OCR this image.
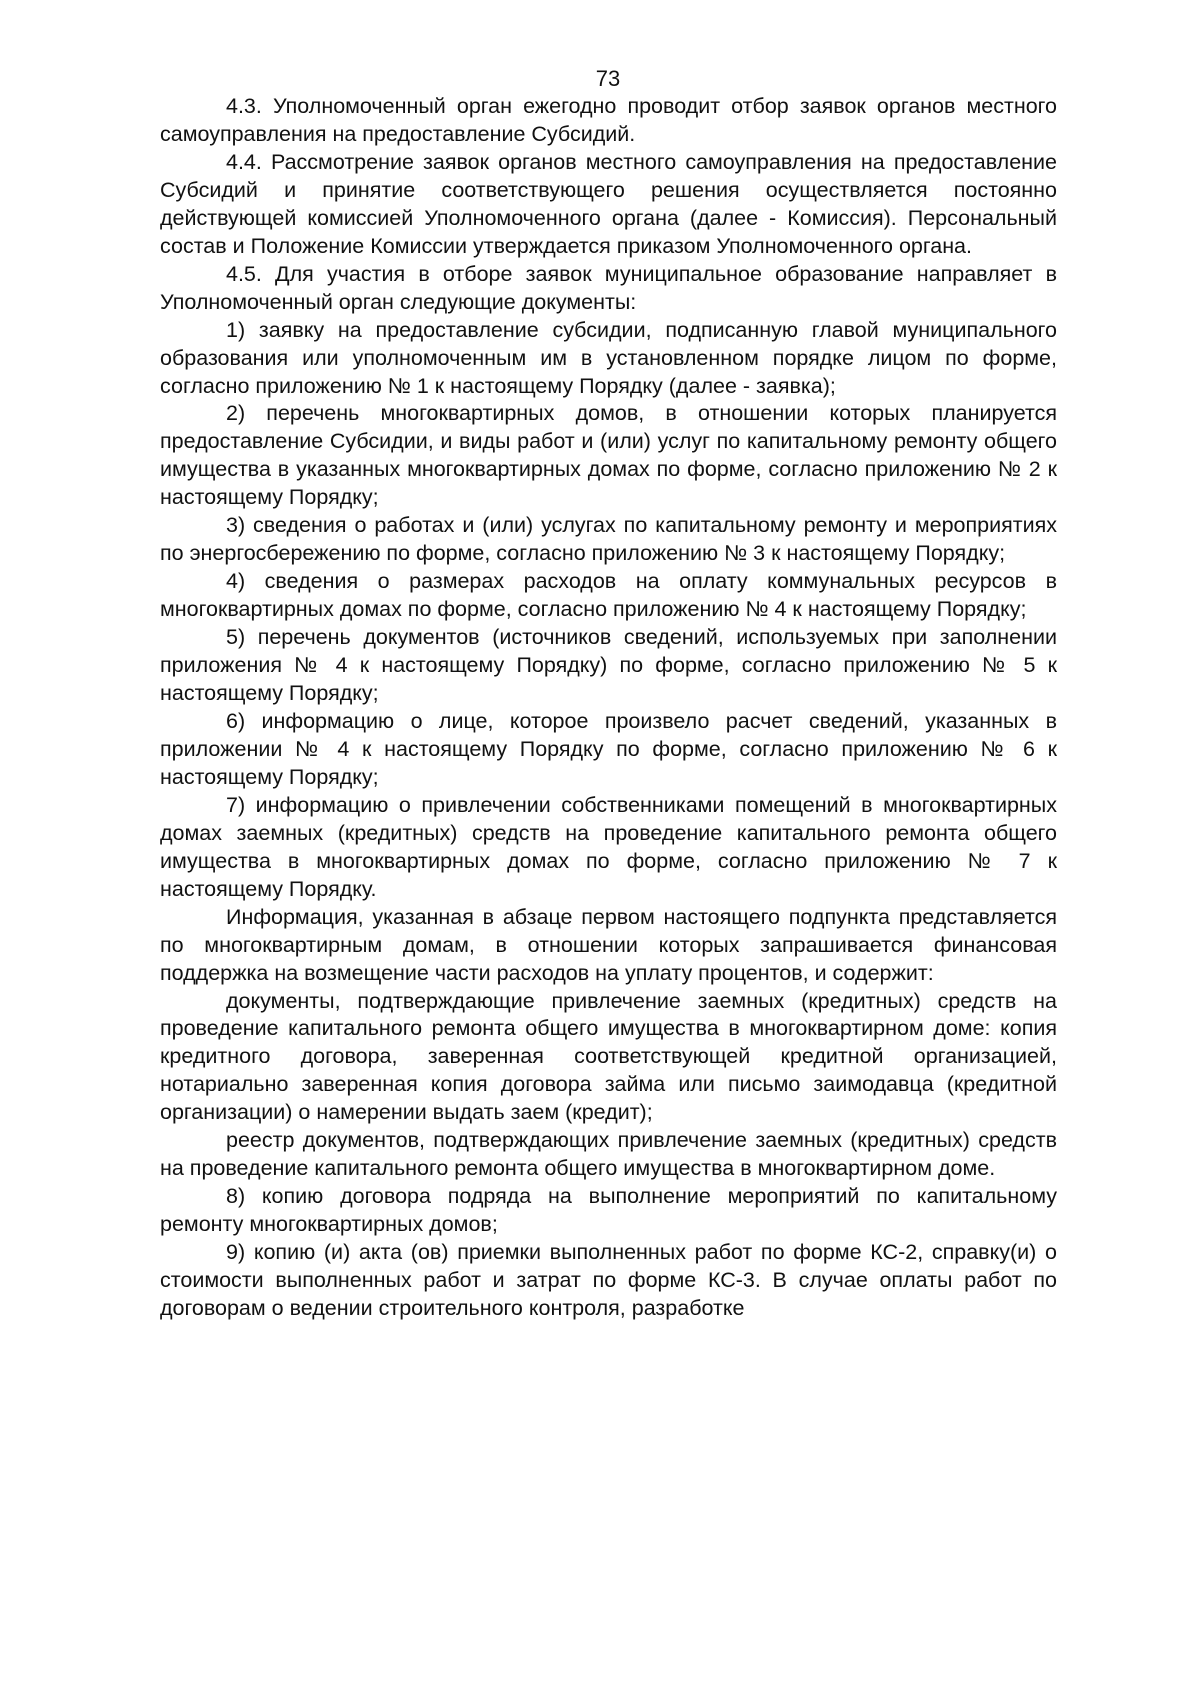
73

4.3. Уполномоченный орган ежегодно проводит отбор заявок органов местного самоуправления на предоставление Субсидий.

4.4. Рассмотрение заявок органов местного самоуправления на предоставление Субсидий и принятие соответствующего решения осуществляется постоянно действующей комиссией Уполномоченного органа (далее - Комиссия). Персональный состав и Положение Комиссии утверждается приказом Уполномоченного органа.

4.5. Для участия в отборе заявок муниципальное образование направляет в Уполномоченный орган следующие документы:

1) заявку на предоставление субсидии, подписанную главой муниципального образования или уполномоченным им в установленном порядке лицом по форме, согласно приложению № 1 к настоящему Порядку (далее - заявка);

2) перечень многоквартирных домов, в отношении которых планируется предоставление Субсидии, и виды работ и (или) услуг по капитальному ремонту общего имущества в указанных многоквартирных домах по форме, согласно приложению № 2 к настоящему Порядку;

3) сведения о работах и (или) услугах по капитальному ремонту и мероприятиях по энергосбережению по форме, согласно приложению № 3 к настоящему Порядку;

4) сведения о размерах расходов на оплату коммунальных ресурсов в многоквартирных домах по форме, согласно приложению № 4 к настоящему Порядку;

5) перечень документов (источников сведений, используемых при заполнении приложения № 4 к настоящему Порядку) по форме, согласно приложению № 5 к настоящему Порядку;

6) информацию о лице, которое произвело расчет сведений, указанных в приложении № 4 к настоящему Порядку по форме, согласно приложению № 6 к настоящему Порядку;

7) информацию о привлечении собственниками помещений в многоквартирных домах заемных (кредитных) средств на проведение капитального ремонта общего имущества в многоквартирных домах по форме, согласно приложению № 7 к настоящему Порядку.

Информация, указанная в абзаце первом настоящего подпункта представляется по многоквартирным домам, в отношении которых запрашивается финансовая поддержка на возмещение части расходов на уплату процентов, и содержит:

документы, подтверждающие привлечение заемных (кредитных) средств на проведение капитального ремонта общего имущества в многоквартирном доме: копия кредитного договора, заверенная соответствующей кредитной организацией, нотариально заверенная копия договора займа или письмо заимодавца (кредитной организации) о намерении выдать заем (кредит);

реестр документов, подтверждающих привлечение заемных (кредитных) средств на проведение капитального ремонта общего имущества в многоквартирном доме.

8) копию договора подряда на выполнение мероприятий по капитальному ремонту многоквартирных домов;

9) копию (и) акта (ов) приемки выполненных работ по форме КС-2, справку(и) о стоимости выполненных работ и затрат по форме КС-3. В случае оплаты работ по договорам о ведении строительного контроля, разработке
